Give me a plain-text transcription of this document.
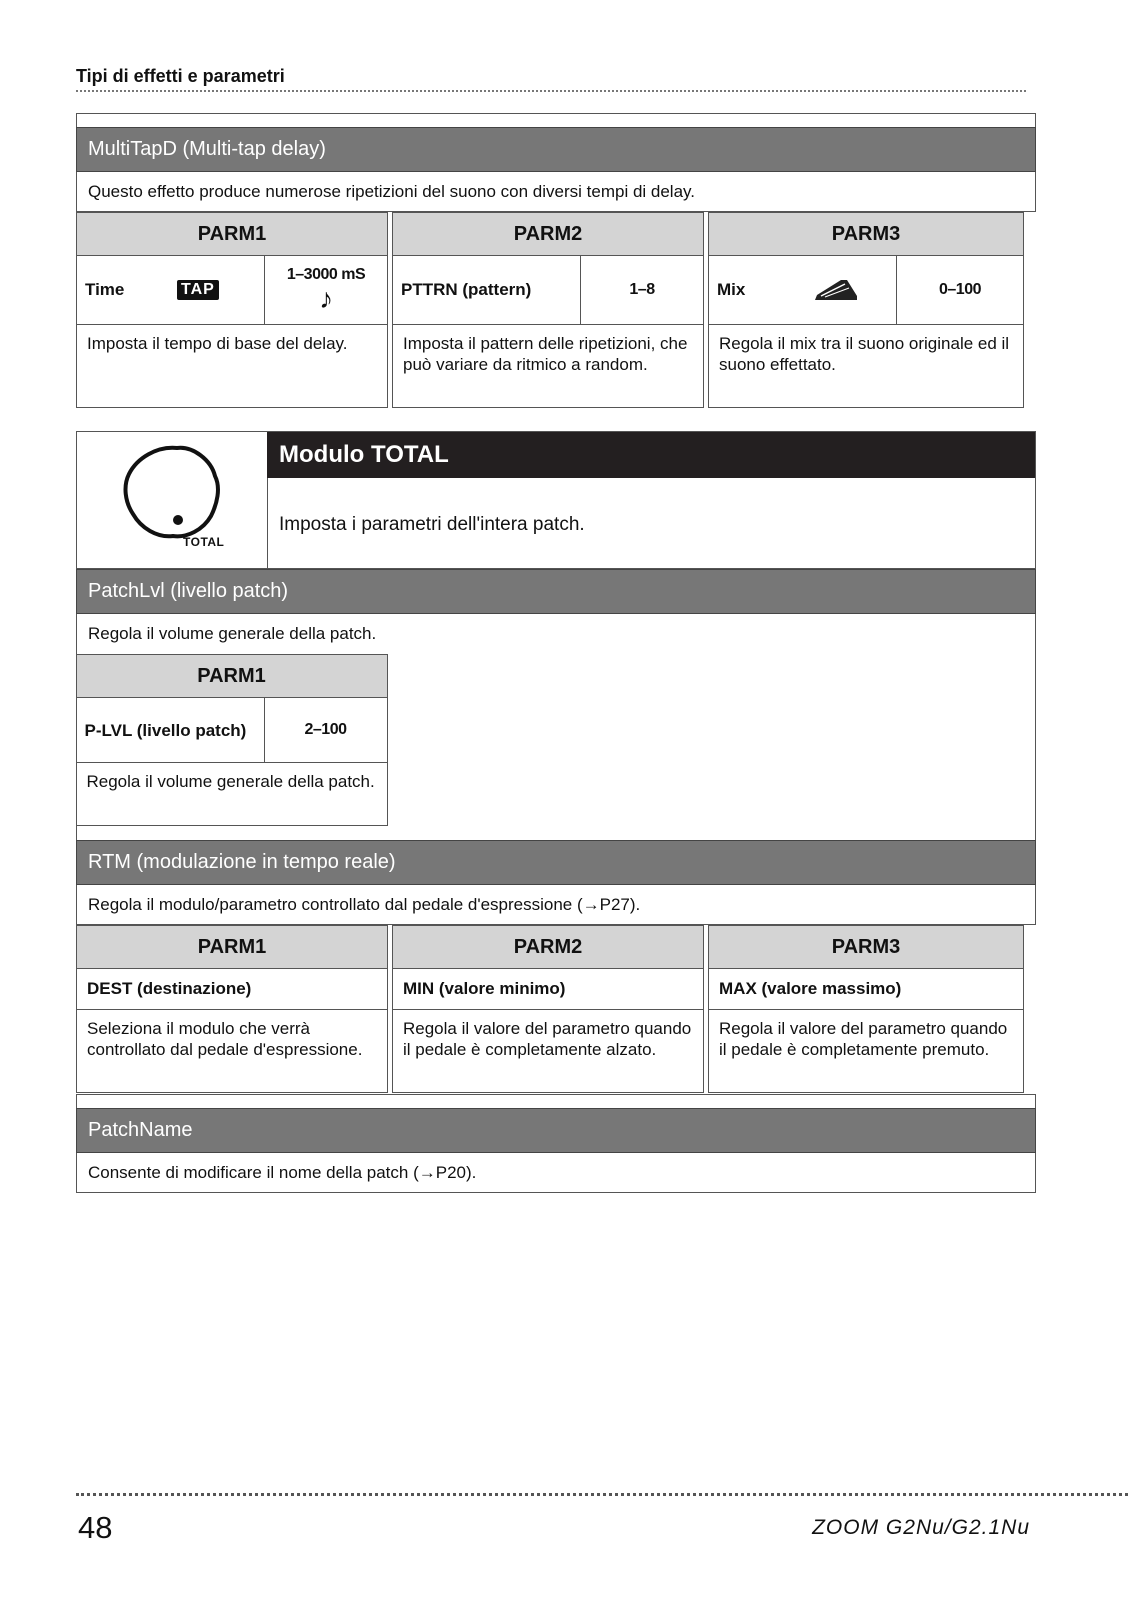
Tipi di effetti e parametri
MultiTapD (Multi-tap delay)
Questo effetto produce numerose ripetizioni del suono con diversi tempi di delay.
PARM1
Time	TAP
1–3000 mS
♪
Imposta il tempo di base del delay.
PARM2
PTTRN (pattern)	1–8
Imposta il pattern delle ripetizioni, che può variare da ritmico a random.
PARM3
Mix	0–100
Regola il mix tra il suono originale ed il suono effettato.
TOTAL
Modulo TOTAL
Imposta i parametri dell'intera patch.
PatchLvl (livello patch)
Regola il volume generale della patch.
PARM1
P-LVL (livello patch)	2–100
Regola il volume generale della patch.
RTM (modulazione in tempo reale)
Regola il modulo/parametro controllato dal pedale d'espressione (→P27).
PARM1
DEST (destinazione)
Seleziona il modulo che verrà controllato dal pedale d'espressione.
PARM2
MIN (valore minimo)
Regola il valore del parametro quando il pedale è completamente alzato.
PARM3
MAX (valore massimo)
Regola il valore del parametro quando il pedale è completamente premuto.
PatchName
Consente di modificare il nome della patch (→P20).
48	ZOOM G2Nu/G2.1Nu
